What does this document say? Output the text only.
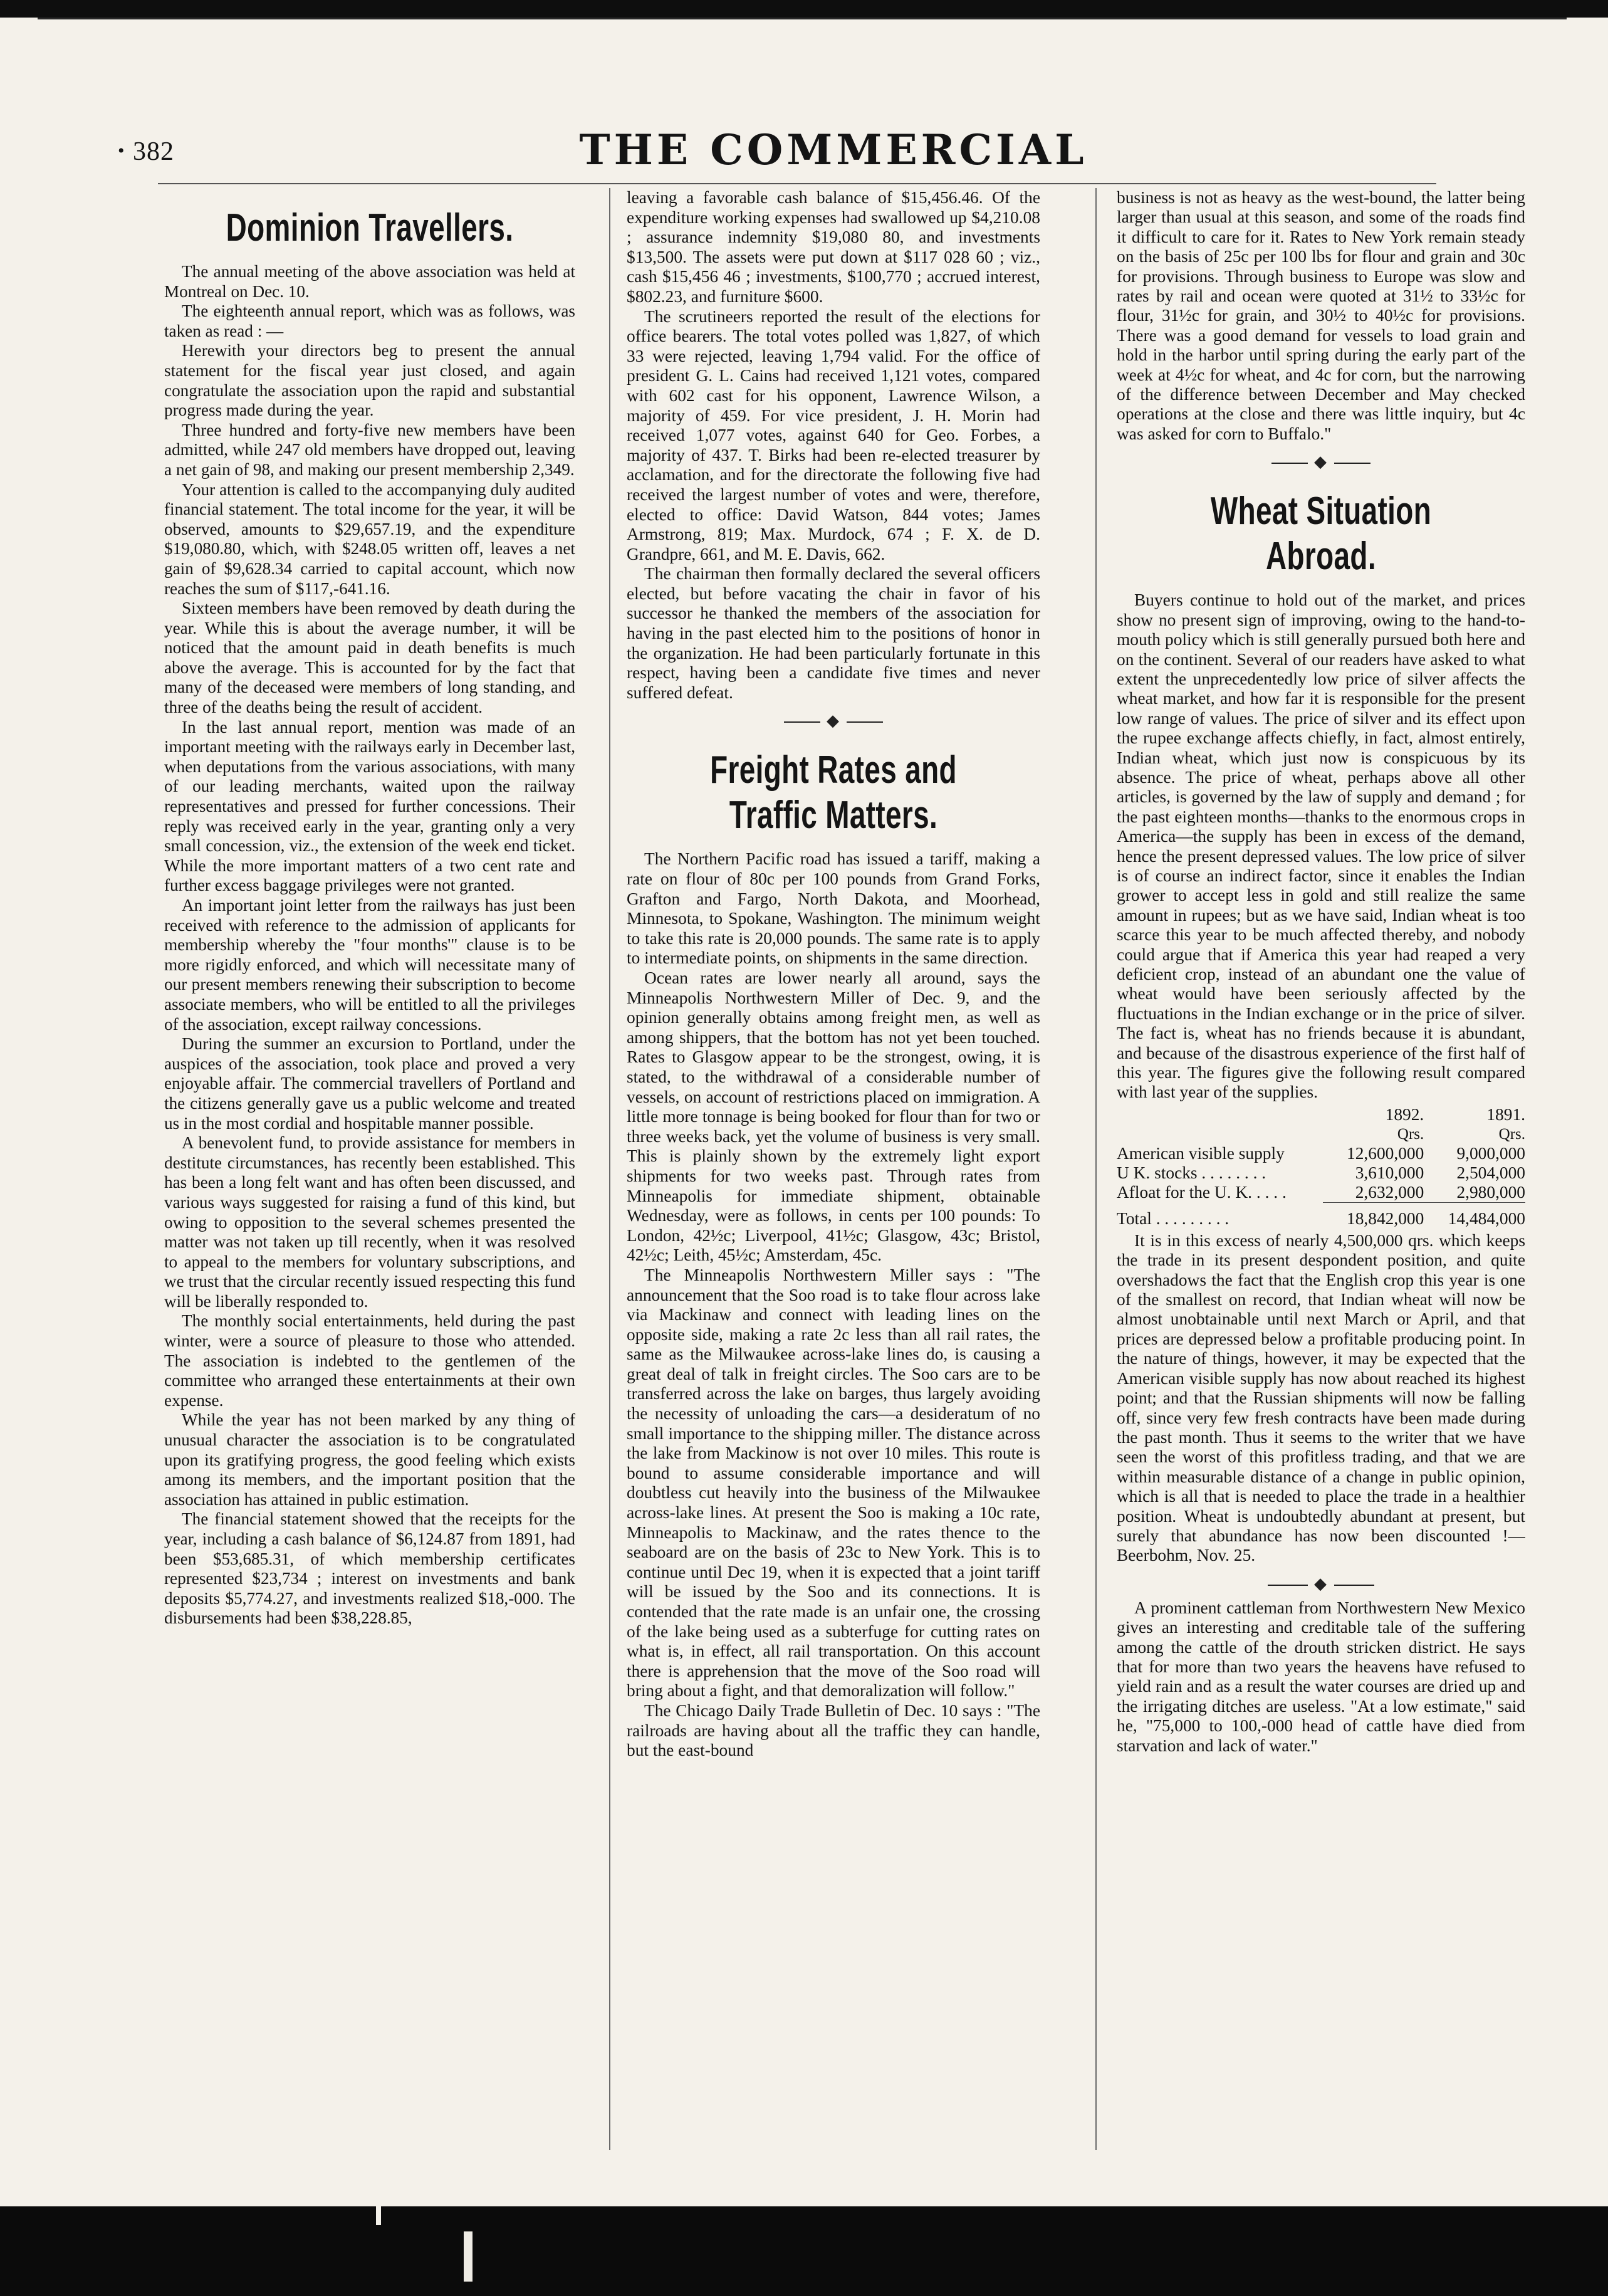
• 382	THE COMMERCIAL
Dominion Travellers.

The annual meeting of the above association was held at Montreal on Dec. 10.

The eighteenth annual report, which was as follows, was taken as read : —

Herewith your directors beg to present the annual statement for the fiscal year just closed, and again congratulate the association upon the rapid and substantial progress made during the year.

Three hundred and forty-five new members have been admitted, while 247 old members have dropped out, leaving a net gain of 98, and making our present membership 2,349.

Your attention is called to the accompanying duly audited financial statement. The total income for the year, it will be observed, amounts to $29,657.19, and the expenditure $19,080.80, which, with $248.05 written off, leaves a net gain of $9,628.34 carried to capital account, which now reaches the sum of $117,-641.16.

Sixteen members have been removed by death during the year. While this is about the average number, it will be noticed that the amount paid in death benefits is much above the average. This is accounted for by the fact that many of the deceased were members of long standing, and three of the deaths being the result of accident.

In the last annual report, mention was made of an important meeting with the railways early in December last, when deputations from the various associations, with many of our leading merchants, waited upon the railway representatives and pressed for further concessions. Their reply was received early in the year, granting only a very small concession, viz., the extension of the week end ticket. While the more important matters of a two cent rate and further excess baggage privileges were not granted.

An important joint letter from the railways has just been received with reference to the admission of applicants for membership whereby the "four months'" clause is to be more rigidly enforced, and which will necessitate many of our present members renewing their subscription to become associate members, who will be entitled to all the privileges of the association, except railway concessions.

During the summer an excursion to Portland, under the auspices of the association, took place and proved a very enjoyable affair. The commercial travellers of Portland and the citizens generally gave us a public welcome and treated us in the most cordial and hospitable manner possible.

A benevolent fund, to provide assistance for members in destitute circumstances, has recently been established. This has been a long felt want and has often been discussed, and various ways suggested for raising a fund of this kind, but owing to opposition to the several schemes presented the matter was not taken up till recently, when it was resolved to appeal to the members for voluntary subscriptions, and we trust that the circular recently issued respecting this fund will be liberally responded to.

The monthly social entertainments, held during the past winter, were a source of pleasure to those who attended. The association is indebted to the gentlemen of the committee who arranged these entertainments at their own expense.

While the year has not been marked by any thing of unusual character the association is to be congratulated upon its gratifying progress, the good feeling which exists among its members, and the important position that the association has attained in public estimation.

The financial statement showed that the receipts for the year, including a cash balance of $6,124.87 from 1891, had been $53,685.31, of which membership certificates represented $23,734 ; interest on investments and bank deposits $5,774.27, and investments realized $18,-000. The disbursements had been $38,228.85,

leaving a favorable cash balance of $15,456.46. Of the expenditure working expenses had swallowed up $4,210.08 ; assurance indemnity $19,080 80, and investments $13,500. The assets were put down at $117 028 60 ; viz., cash $15,456 46 ; investments, $100,770 ; accrued interest, $802.23, and furniture $600.

The scrutineers reported the result of the elections for office bearers. The total votes polled was 1,827, of which 33 were rejected, leaving 1,794 valid. For the office of president G. L. Cains had received 1,121 votes, compared with 602 cast for his opponent, Lawrence Wilson, a majority of 459. For vice president, J. H. Morin had received 1,077 votes, against 640 for Geo. Forbes, a majority of 437. T. Birks had been re-elected treasurer by acclamation, and for the directorate the following five had received the largest number of votes and were, therefore, elected to office: David Watson, 844 votes; James Armstrong, 819; Max. Murdock, 674 ; F. X. de D. Grandpre, 661, and M. E. Davis, 662.

The chairman then formally declared the several officers elected, but before vacating the chair in favor of his successor he thanked the members of the association for having in the past elected him to the positions of honor in the organization. He had been particularly fortunate in this respect, having been a candidate five times and never suffered defeat.

◆
Freight Rates and Traffic Matters.

The Northern Pacific road has issued a tariff, making a rate on flour of 80c per 100 pounds from Grand Forks, Grafton and Fargo, North Dakota, and Moorhead, Minnesota, to Spokane, Washington. The minimum weight to take this rate is 20,000 pounds. The same rate is to apply to intermediate points, on shipments in the same direction.

Ocean rates are lower nearly all around, says the Minneapolis Northwestern Miller of Dec. 9, and the opinion generally obtains among freight men, as well as among shippers, that the bottom has not yet been touched. Rates to Glasgow appear to be the strongest, owing, it is stated, to the withdrawal of a considerable number of vessels, on account of restrictions placed on immigration. A little more tonnage is being booked for flour than for two or three weeks back, yet the volume of business is very small. This is plainly shown by the extremely light export shipments for two weeks past. Through rates from Minneapolis for immediate shipment, obtainable Wednesday, were as follows, in cents per 100 pounds: To London, 42½c; Liverpool, 41½c; Glasgow, 43c; Bristol, 42½c; Leith, 45½c; Amsterdam, 45c.

The Minneapolis Northwestern Miller says : "The announcement that the Soo road is to take flour across lake via Mackinaw and connect with leading lines on the opposite side, making a rate 2c less than all rail rates, the same as the Milwaukee across-lake lines do, is causing a great deal of talk in freight circles. The Soo cars are to be transferred across the lake on barges, thus largely avoiding the necessity of unloading the cars—a desideratum of no small importance to the shipping miller. The distance across the lake from Mackinow is not over 10 miles. This route is bound to assume considerable importance and will doubtless cut heavily into the business of the Milwaukee across-lake lines. At present the Soo is making a 10c rate, Minneapolis to Mackinaw, and the rates thence to the seaboard are on the basis of 23c to New York. This is to continue until Dec 19, when it is expected that a joint tariff will be issued by the Soo and its connections. It is contended that the rate made is an unfair one, the crossing of the lake being used as a subterfuge for cutting rates on what is, in effect, all rail transportation. On this account there is apprehension that the move of the Soo road will bring about a fight, and that demoralization will follow."

The Chicago Daily Trade Bulletin of Dec. 10 says : "The railroads are having about all the traffic they can handle, but the east-bound

business is not as heavy as the west-bound, the latter being larger than usual at this season, and some of the roads find it difficult to care for it. Rates to New York remain steady on the basis of 25c per 100 lbs for flour and grain and 30c for provisions. Through business to Europe was slow and rates by rail and ocean were quoted at 31½ to 33½c for flour, 31½c for grain, and 30½ to 40½c for provisions. There was a good demand for vessels to load grain and hold in the harbor until spring during the early part of the week at 4½c for wheat, and 4c for corn, but the narrowing of the difference between December and May checked operations at the close and there was little inquiry, but 4c was asked for corn to Buffalo."

◆
Wheat Situation Abroad.

Buyers continue to hold out of the market, and prices show no present sign of improving, owing to the hand-to-mouth policy which is still generally pursued both here and on the continent. Several of our readers have asked to what extent the unprecedentedly low price of silver affects the wheat market, and how far it is responsible for the present low range of values. The price of silver and its effect upon the rupee exchange affects chiefly, in fact, almost entirely, Indian wheat, which just now is conspicuous by its absence. The price of wheat, perhaps above all other articles, is governed by the law of supply and demand ; for the past eighteen months—thanks to the enormous crops in America—the supply has been in excess of the demand, hence the present depressed values. The low price of silver is of course an indirect factor, since it enables the Indian grower to accept less in gold and still realize the same amount in rupees; but as we have said, Indian wheat is too scarce this year to be much affected thereby, and nobody could argue that if America this year had reaped a very deficient crop, instead of an abundant one the value of wheat would have been seriously affected by the fluctuations in the Indian exchange or in the price of silver. The fact is, wheat has no friends because it is abundant, and because of the disastrous experience of the first half of this year. The figures give the following result compared with last year of the supplies.

	1892.	1891.
	Qrs.	Qrs.
American visible supply	12,600,000	9,000,000
U K. stocks . . . . . . . .	3,610,000	2,504,000
Afloat for the U. K. . . . .	2,632,000	2,980,000
Total . . . . . . . . .	18,842,000	14,484,000

It is in this excess of nearly 4,500,000 qrs. which keeps the trade in its present despondent position, and quite overshadows the fact that the English crop this year is one of the smallest on record, that Indian wheat will now be almost unobtainable until next March or April, and that prices are depressed below a profitable producing point. In the nature of things, however, it may be expected that the American visible supply has now about reached its highest point; and that the Russian shipments will now be falling off, since very few fresh contracts have been made during the past month. Thus it seems to the writer that we have seen the worst of this profitless trading, and that we are within measurable distance of a change in public opinion, which is all that is needed to place the trade in a healthier position. Wheat is undoubtedly abundant at present, but surely that abundance has now been discounted !—Beerbohm, Nov. 25.

◆

A prominent cattleman from Northwestern New Mexico gives an interesting and creditable tale of the suffering among the cattle of the drouth stricken district. He says that for more than two years the heavens have refused to yield rain and as a result the water courses are dried up and the irrigating ditches are useless. "At a low estimate," said he, "75,000 to 100,-000 head of cattle have died from starvation and lack of water."
